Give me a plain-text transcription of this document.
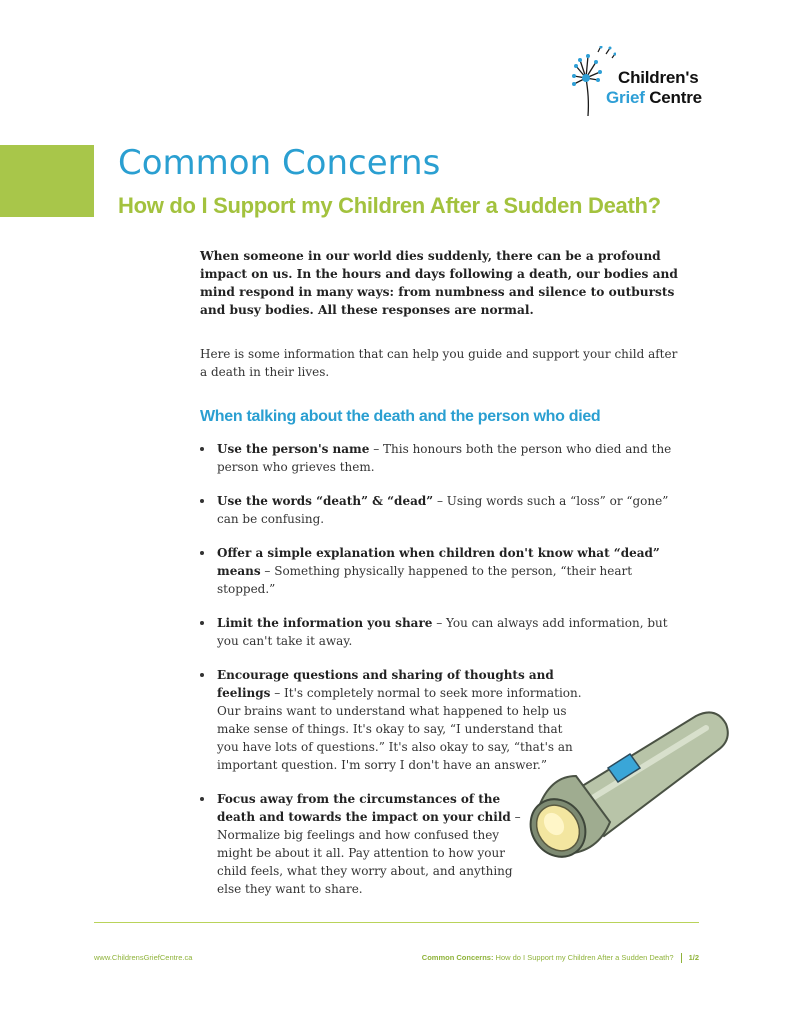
Children's
Grief Centre
Common Concerns
How do I Support my Children After a Sudden Death?
When someone in our world dies suddenly, there can be a profound impact on us. In the hours and days following a death, our bodies and mind respond in many ways: from numbness and silence to outbursts and busy bodies. All these responses are normal.
Here is some information that can help you guide and support your child after a death in their lives.
When talking about the death and the person who died
Use the person's name – This honours both the person who died and the person who grieves them.
Use the words “death” & “dead” – Using words such a “loss” or “gone” can be confusing.
Offer a simple explanation when children don't know what “dead” means – Something physically happened to the person, “their heart stopped.”
Limit the information you share – You can always add information, but you can't take it away.
Encourage questions and sharing of thoughts and feelings – It's completely normal to seek more information. Our brains want to understand what happened to help us make sense of things. It's okay to say, “I understand that you have lots of questions.” It's also okay to say, “that's an important question. I'm sorry I don't have an answer.”
Focus away from the circumstances of the death and towards the impact on your child – Normalize big feelings and how confused they might be about it all. Pay attention to how your child feels, what they worry about, and anything else they want to share.
www.ChildrensGriefCentre.ca	Common Concerns: How do I Support my Children After a Sudden Death? 1/2
